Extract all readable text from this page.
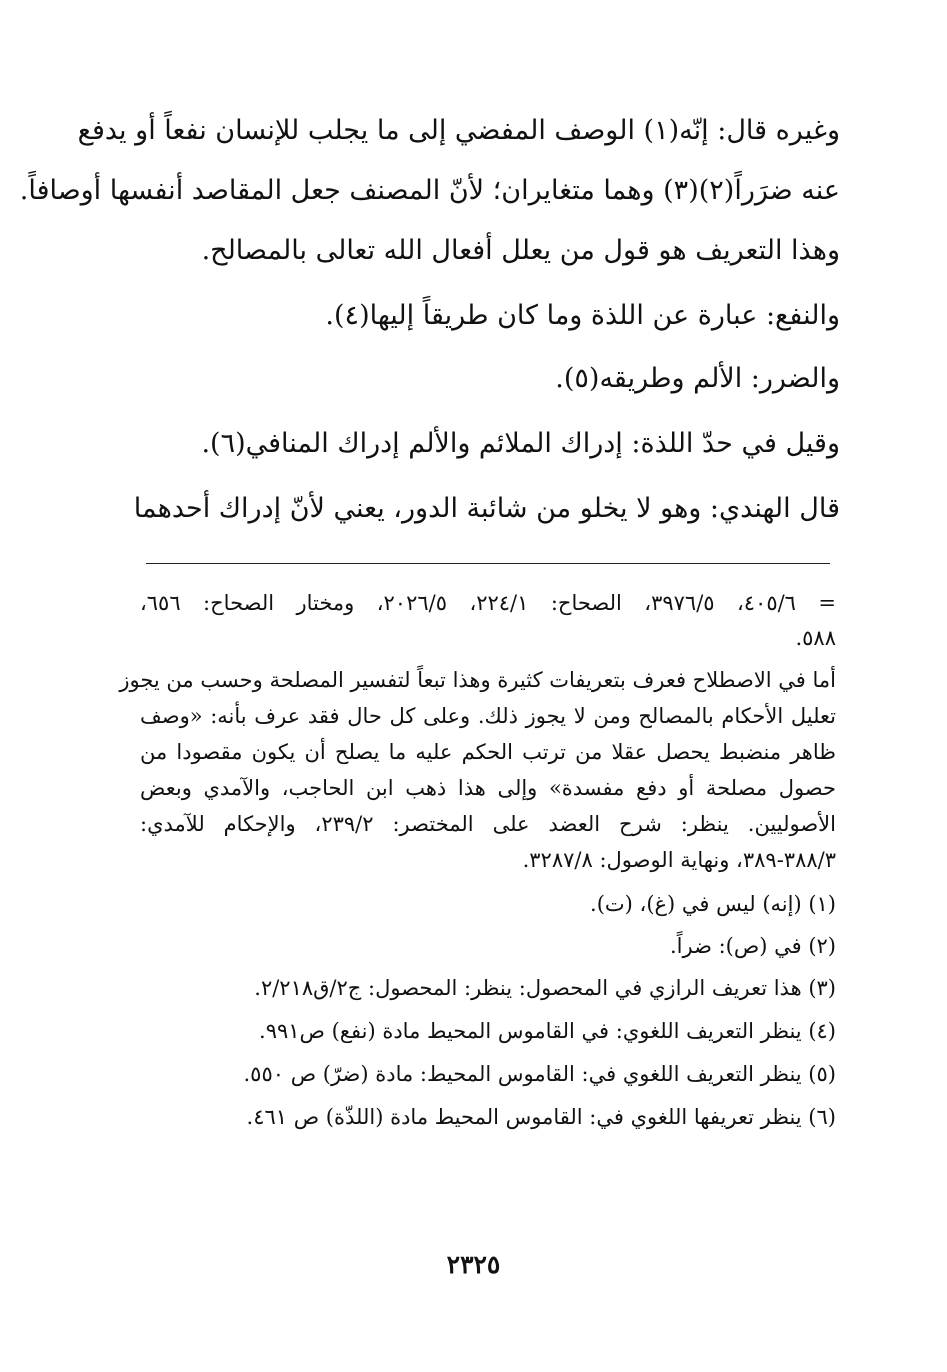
وغيره قال: إنّه(١) الوصف المفضي إلى ما يجلب للإنسان نفعاً أو يدفع
عنه ضرَراً(٢)(٣) وهما متغايران؛ لأنّ المصنف جعل المقاصد أنفسها أوصافاً.
وهذا التعريف هو قول من يعلل أفعال الله تعالى بالمصالح.
والنفع: عبارة عن اللذة وما كان طريقاً إليها(٤).
والضرر: الألم وطريقه(٥).
وقيل في حدّ اللذة: إدراك الملائم والألم إدراك المنافي(٦).
قال الهندي: وهو لا يخلو من شائبة الدور، يعني لأنّ إدراك أحدهما
= ٤٠٥/٦، ٣٩٧٦/٥، الصحاح: ٢٢٤/١، ٢٠٢٦/٥، ومختار الصحاح: ٦٥٦،
٥٨٨.
أما في الاصطلاح فعرف بتعريفات كثيرة وهذا تبعاً لتفسير المصلحة وحسب من يجوز
تعليل الأحكام بالمصالح ومن لا يجوز ذلك. وعلى كل حال فقد عرف بأنه: «وصف
ظاهر منضبط يحصل عقلا من ترتب الحكم عليه ما يصلح أن يكون مقصودا من
حصول مصلحة أو دفع مفسدة» وإلى هذا ذهب ابن الحاجب، والآمدي وبعض
الأصوليين. ينظر: شرح العضد على المختصر: ٢٣٩/٢، والإحكام للآمدي:
٣٨٨/٣-٣٨٩، ونهاية الوصول: ٣٢٨٧/٨.
(١) (إنه) ليس في (غ)، (ت).
(٢) في (ص): ضراً.
(٣) هذا تعريف الرازي في المحصول: ينظر: المحصول: ج٢/ق٢/٢١٨.
(٤) ينظر التعريف اللغوي: في القاموس المحيط مادة (نفع) ص٩٩١.
(٥) ينظر التعريف اللغوي في: القاموس المحيط: مادة (ضرّ) ص ٥٥٠.
(٦) ينظر تعريفها اللغوي في: القاموس المحيط مادة (اللذّة) ص ٤٦١.
٢٣٢٥
